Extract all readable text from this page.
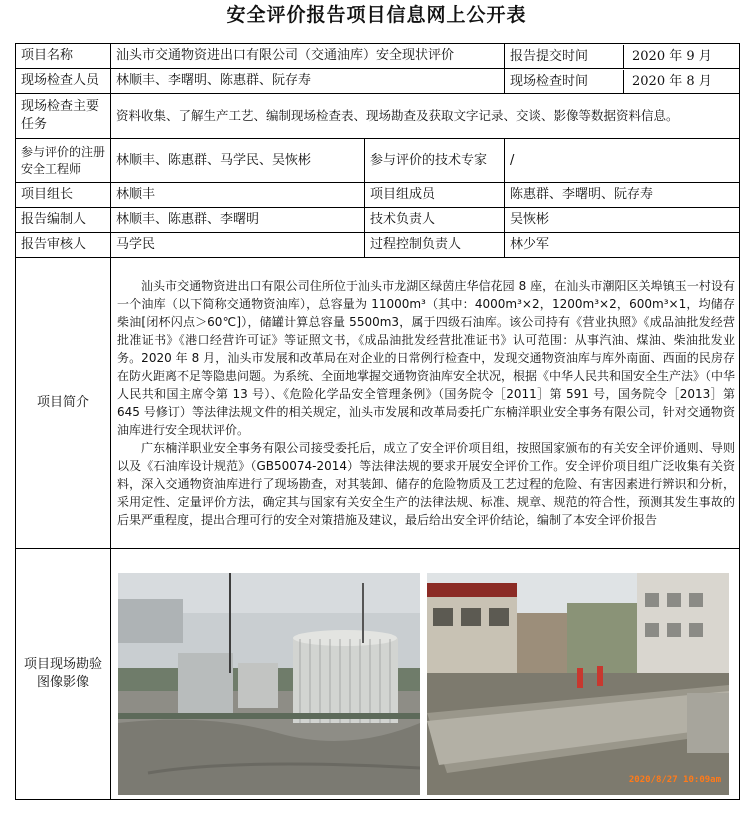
安全评价报告项目信息网上公开表
项目名称	汕头市交通物资进出口有限公司（交通油库）安全现状评价		报告提交时间 2020 年 9 月

现场检查人员	林顺丰、李曙明、陈惠群、阮存寿		现场检查时间 2020 年 8 月

现场检查主要任务	资料收集、了解生产工艺、编制现场检查表、现场勘查及获取文字记录、交谈、影像等数据资料信息。		
参与评价的注册安全工程师	林顺丰、陈惠群、马学民、吴恢彬	参与评价的技术专家	/
项目组长	林顺丰	项目组成员	陈惠群、李曙明、阮存寿
报告编制人	林顺丰、陈惠群、李曙明	技术负责人	吴恢彬
报告审核人	马学民	过程控制负责人	林少军
项目简介	汕头市交通物资进出口有限公司住所位于汕头市龙湖区绿茵庄华信花园 8 座，在汕头市潮阳区关埠镇玉一村设有一个油库（以下简称交通物资油库），总容量为 11000m³（其中：4000m³×2，1200m³×2，600m³×1，均储存柴油[闭杯闪点＞60℃]），储罐计算总容量 5500m3，属于四级石油库。该公司持有《营业执照》《成品油批发经营批准证书》《港口经营许可证》等证照文书，《成品油批发经营批准证书》认可范围：从事汽油、煤油、柴油批发业务。2020 年 8 月，汕头市发展和改革局在对企业的日常例行检查中，发现交通物资油库与库外南面、西面的民房存在防火距离不足等隐患问题。为系统、全面地掌握交通物资油库安全状况，根据《中华人民共和国安全生产法》（中华人民共和国主席令第 13 号）、《危险化学品安全管理条例》（国务院令［2011］第 591 号，国务院令［2013］第 645 号修订）等法律法规文件的相关规定，汕头市发展和改革局委托广东楠洋职业安全事务有限公司，针对交通物资油库进行安全现状评价。

广东楠洋职业安全事务有限公司接受委托后，成立了安全评价项目组，按照国家颁布的有关安全评价通则、导则以及《石油库设计规范》（GB50074-2014）等法律法规的要求开展安全评价工作。安全评价项目组广泛收集有关资料，深入交通物资油库进行了现场勘查，对其装卸、储存的危险物质及工艺过程的危险、有害因素进行辨识和分析，采用定性、定量评价方法，确定其与国家有关安全生产的法律法规、标准、规章、规范的符合性，预测其发生事故的后果严重程度，提出合理可行的安全对策措施及建议，最后给出安全评价结论，编制了本安全评价报告		

项目现场勘验图像影像	2020/8/27 10:09am		
